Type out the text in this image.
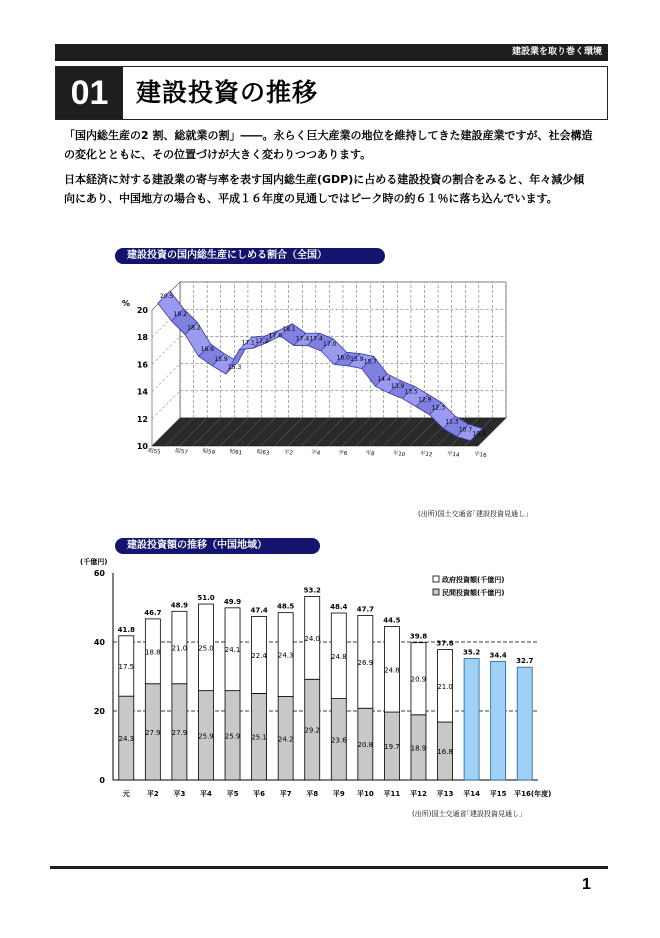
建設業を取り巻く環境
01	建設投資の推移

「国内総生産の2 割、総就業の割」――。永らく巨大産業の地位を維持してきた建設産業ですが、社会構造の変化とともに、その位置づけが大きく変わりつつあります。

日本経済に対する建設業の寄与率を表す国内総生産(GDP)に占める建設投資の割合をみると、年々減少傾向にあり、中国地方の場合も、平成１６年度の見通しではピーク時の約６１％に落ち込んでいます。

建設投資の国内総生産にしめる割合（全国）
10
12
14
16
18
20
%
20.5
19.2
18.2
16.6
15.9
15.3
17.1 17.2
17.6
18.1
17.4 17.4
17.0
16.0 15.9 15.7
14.4
13.9
13.5
12.9
12.3
11.3
10.7
10.4
昭55	昭57	昭59	昭61	昭63	平2	平4	平6	平8	平10	平12	平14	平16
(出所)国土交通省｢建設投資見通し｣
建設投資額の推移（中国地域）
(千億円)
0
20
40
60
24.3
17.5
41.8
元
27.9
18.8
46.7
平2
27.9
21.0
48.9
平3
25.9
25.0
51.0
平4
25.9
24.1
49.9
平5
25.1
22.4
47.4
平6
24.2
24.3
48.5
平7
29.2
24.0
53.2
平8
23.6
24.8
48.4
平9
20.8
26.9
47.7
平10
19.7
24.8
44.5
平11
18.9
20.9
39.8
平12
16.8
21.0
37.8
平13
35.2
平14
34.4
平15
32.7
平16(年度)
政府投資額(千億円)
民間投資額(千億円)
(出所)国土交通省｢建設投資見通し｣
1
